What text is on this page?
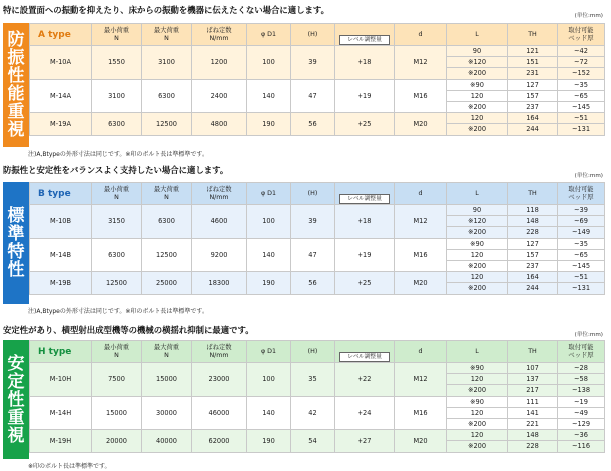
特に設置面への振動を抑えたり、床からの振動を機器に伝えたくない場合に適します。
(単位:mm)
防
振
性
能
重
視
A type	最小荷重
N	最大荷重
N	ばね定数
N/mm	φ D1	(H)	レベル調整量	d	L	TH	取付可能
ベッド厚

M-10A	1550	3100	1200	100	39	+18	M12	90	121	~42
								※120	151	~72
								※200	231	~152
M-14A	3100	6300	2400	140	47	+19	M16	※90	127	~35
								120	157	~65
								※200	237	~145
M-19A	6300	12500	4800	190	56	+25	M20	120	164	~51
								※200	244	~131
注)A,Btypeの外形寸法は同じです。※印のボルト長は準標準です。
防振性と安定性をバランスよく支持したい場合に適します。
(単位:mm)
標
準
特
性
B type	最小荷重
N	最大荷重
N	ばね定数
N/mm	φ D1	(H)	レベル調整量	d	L	TH	取付可能
ベッド厚

M-10B	3150	6300	4600	100	39	+18	M12	90	118	~39
								※120	148	~69
								※200	228	~149
M-14B	6300	12500	9200	140	47	+19	M16	※90	127	~35
								120	157	~65
								※200	237	~145
M-19B	12500	25000	18300	190	56	+25	M20	120	164	~51
								※200	244	~131
注)A,Btypeの外形寸法は同じです。※印のボルト長は準標準です。
安定性があり、横型射出成型機等の機械の横揺れ抑制に最適です。	(単位:mm)
安
定
性
重
視
H type	最小荷重
N	最大荷重
N	ばね定数
N/mm	φ D1	(H)	レベル調整量	d	L	TH	取付可能
ベッド厚

M-10H	7500	15000	23000	100	35	+22	M12	※90	107	~28
								120	137	~58
								※200	217	~138
M-14H	15000	30000	46000	140	42	+24	M16	※90	111	~19
								120	141	~49
								※200	221	~129
M-19H	20000	40000	62000	190	54	+27	M20	120	148	~36
								※200	228	~116
※印のボルト長は準標準です。
